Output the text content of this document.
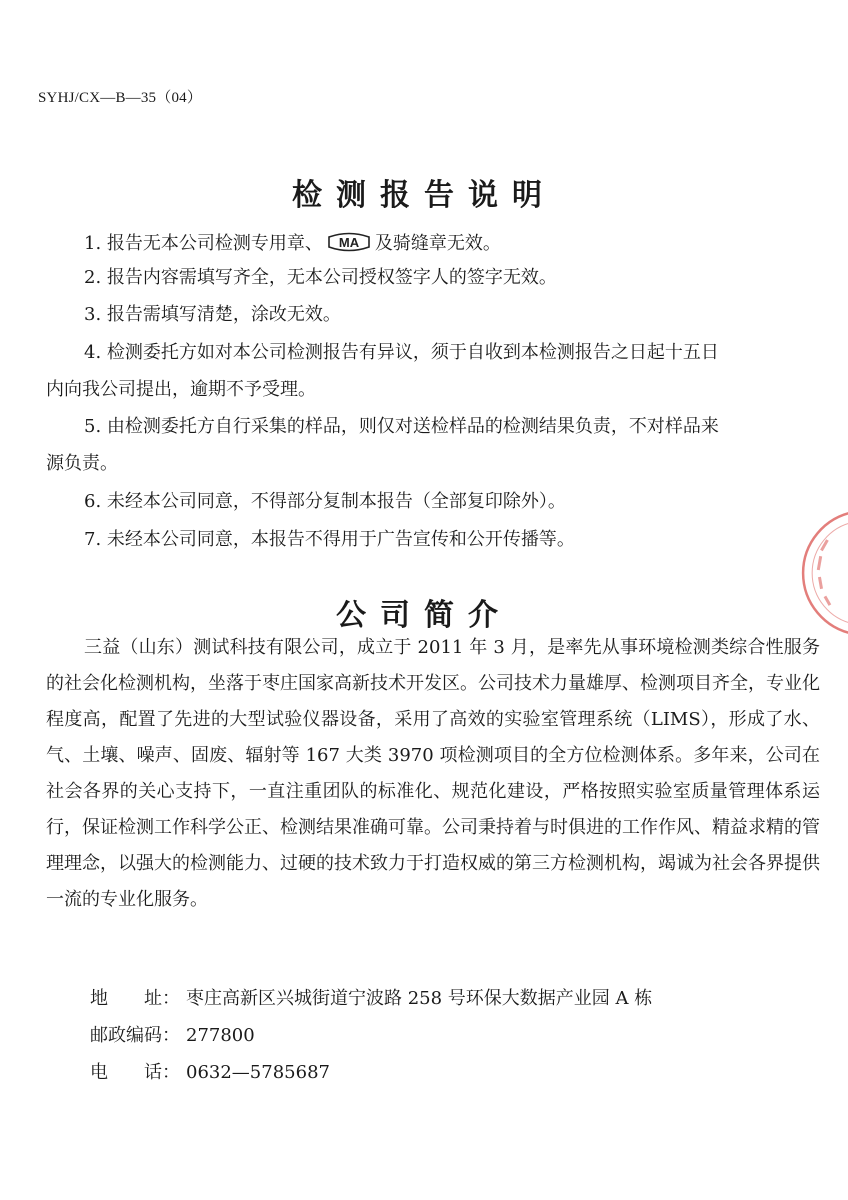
SYHJ/CX—B—35（04）
检测报告说明
1. 报告无本公司检测专用章、 MA 及骑缝章无效。
2. 报告内容需填写齐全，无本公司授权签字人的签字无效。
3. 报告需填写清楚，涂改无效。
4. 检测委托方如对本公司检测报告有异议，须于自收到本检测报告之日起十五日
内向我公司提出，逾期不予受理。
5. 由检测委托方自行采集的样品，则仅对送检样品的检测结果负责，不对样品来
源负责。
6. 未经本公司同意，不得部分复制本报告（全部复印除外）。
7. 未经本公司同意，本报告不得用于广告宣传和公开传播等。
公司简介
三益（山东）测试科技有限公司，成立于 2011 年 3 月，是率先从事环境检测类综合性服务的社会化检测机构，坐落于枣庄国家高新技术开发区。公司技术力量雄厚、检测项目齐全，专业化程度高，配置了先进的大型试验仪器设备，采用了高效的实验室管理系统（LIMS），形成了水、气、土壤、噪声、固废、辐射等 167 大类 3970 项检测项目的全方位检测体系。多年来，公司在社会各界的关心支持下，一直注重团队的标准化、规范化建设，严格按照实验室质量管理体系运行，保证检测工作科学公正、检测结果准确可靠。公司秉持着与时俱进的工作作风、精益求精的管理理念，以强大的检测能力、过硬的技术致力于打造权威的第三方检测机构，竭诚为社会各界提供一流的专业化服务。
地　　址： 枣庄高新区兴城街道宁波路 258 号环保大数据产业园 A 栋
邮政编码： 277800
电　　话： 0632—5785687
